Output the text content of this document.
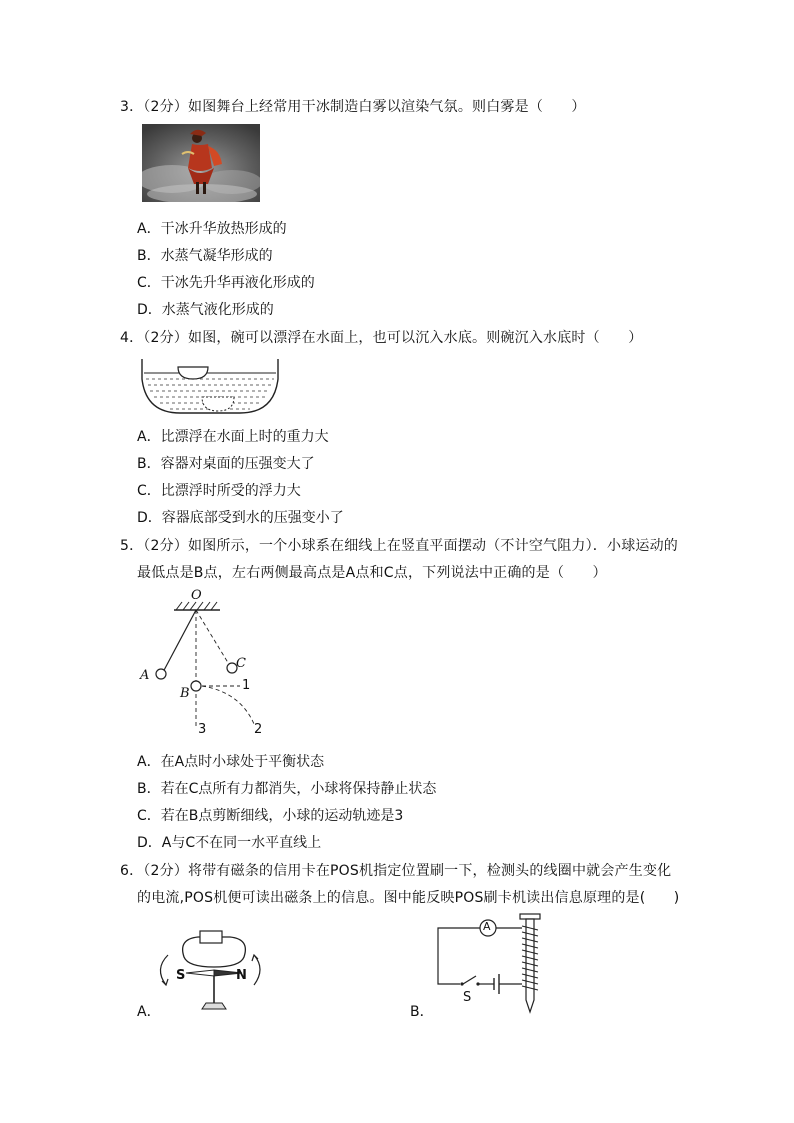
3．（2分）如图舞台上经常用干冰制造白雾以渲染气氛。则白雾是（　　）
A．干冰升华放热形成的
B．水蒸气凝华形成的
C．干冰先升华再液化形成的
D．水蒸气液化形成的
4．（2分）如图，碗可以漂浮在水面上，也可以沉入水底。则碗沉入水底时（　　）
A．比漂浮在水面上时的重力大
B．容器对桌面的压强变大了
C．比漂浮时所受的浮力大
D．容器底部受到水的压强变小了
5．（2分）如图所示，一个小球系在细线上在竖直平面摆动（不计空气阻力）．小球运动的
最低点是B点，左右两侧最高点是A点和C点，下列说法中正确的是（　　）
O
A
B
C
1
2
3
A．在A点时小球处于平衡状态
B．若在C点所有力都消失，小球将保持静止状态
C．若在B点剪断细线，小球的运动轨迹是3
D．A与C不在同一水平直线上
6．（2分）将带有磁条的信用卡在POS机指定位置刷一下，检测头的线圈中就会产生变化
的电流,POS机便可读出磁条上的信息。图中能反映POS刷卡机读出信息原理的是(　　)
S	N
A．
A
S
B．
